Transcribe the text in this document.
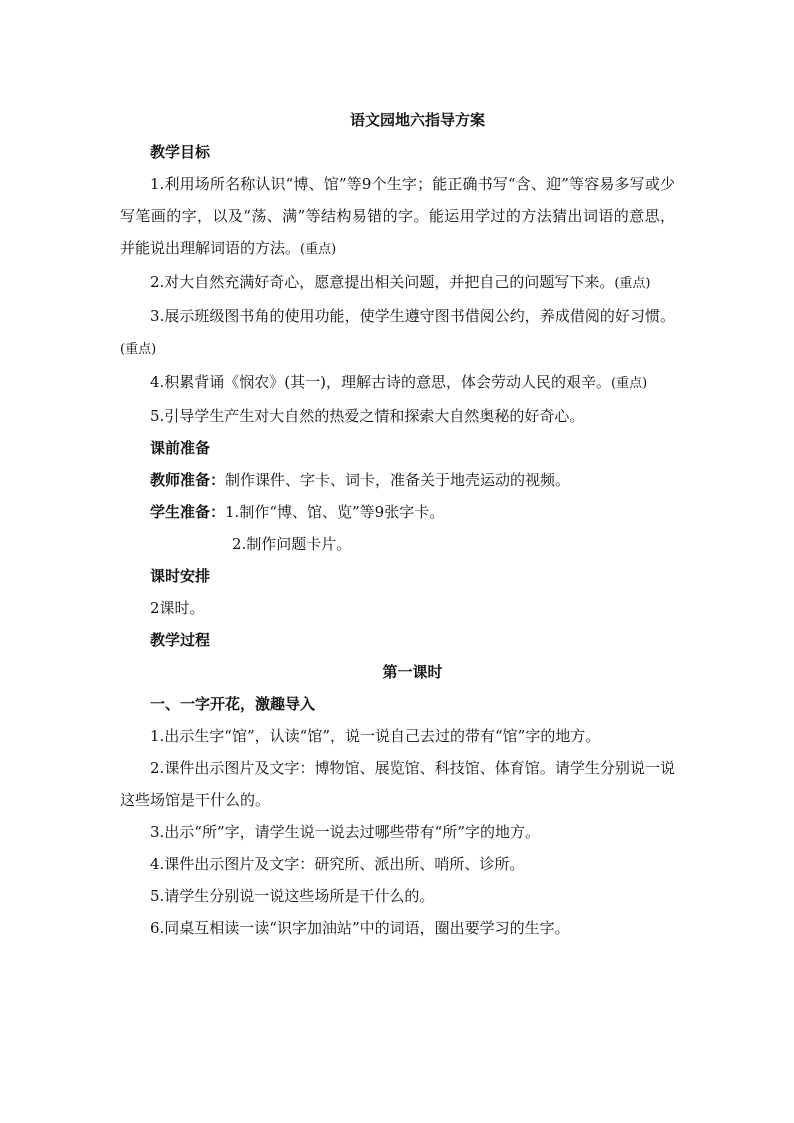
语文园地六指导方案

教学目标

1.利用场所名称认识“博、馆”等9个生字；能正确书写“含、迎”等容易多写或少写笔画的字，以及“荡、满”等结构易错的字。能运用学过的方法猜出词语的意思，并能说出理解词语的方法。(重点)

2.对大自然充满好奇心，愿意提出相关问题，并把自己的问题写下来。(重点)

3.展示班级图书角的使用功能，使学生遵守图书借阅公约，养成借阅的好习惯。(重点)

4.积累背诵《悯农》(其一)，理解古诗的意思，体会劳动人民的艰辛。(重点)

5.引导学生产生对大自然的热爱之情和探索大自然奥秘的好奇心。

课前准备

教师准备：制作课件、字卡、词卡，准备关于地壳运动的视频。

学生准备：1.制作“博、馆、览”等9张字卡。

2.制作问题卡片。

课时安排

2课时。

教学过程

第一课时

一、一字开花，激趣导入

1.出示生字“馆”，认读“馆”，说一说自己去过的带有“馆”字的地方。

2.课件出示图片及文字：博物馆、展览馆、科技馆、体育馆。请学生分别说一说这些场馆是干什么的。

3.出示“所”字，请学生说一说去过哪些带有“所”字的地方。

4.课件出示图片及文字：研究所、派出所、哨所、诊所。

5.请学生分别说一说这些场所是干什么的。

6.同桌互相读一读“识字加油站”中的词语，圈出要学习的生字。
